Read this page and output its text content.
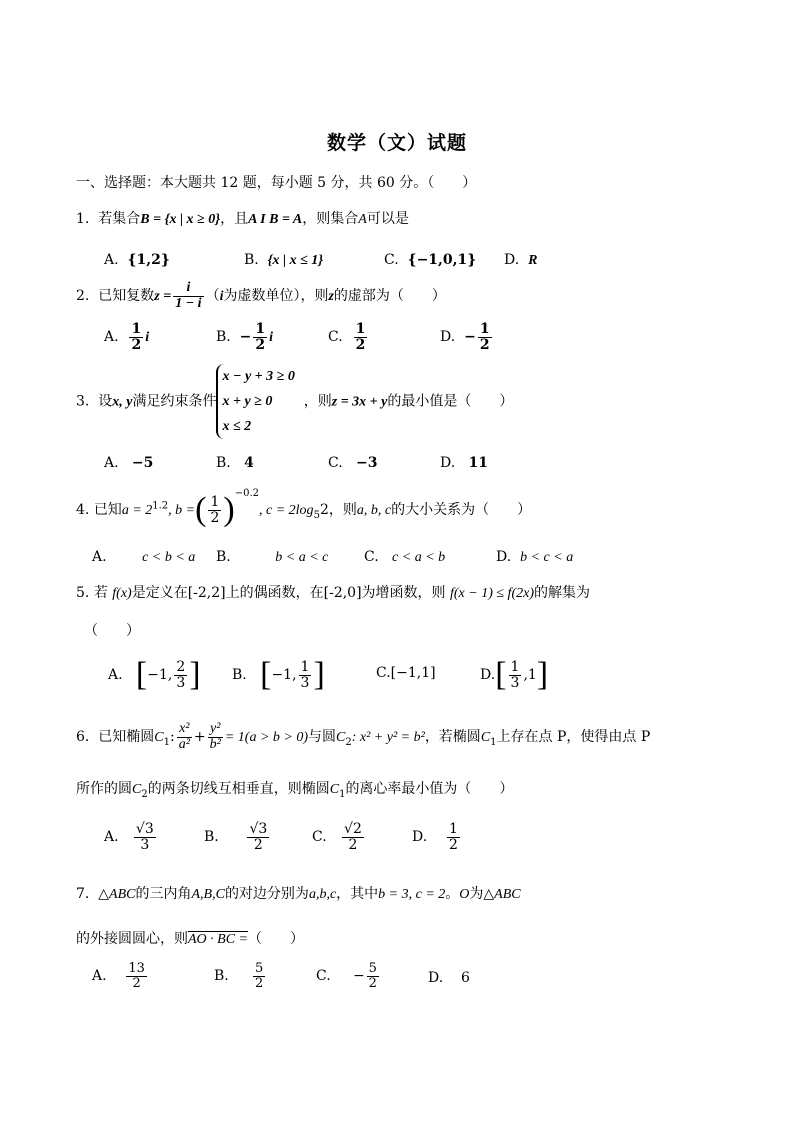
数学（文）试题
一、选择题：本大题共 12 题，每小题 5 分，共 60 分。（　　）
1. 若集合B = {x | x ≥ 0}，且A I B = A，则集合A可以是
A. {1,2}	B. {x | x ≤ 1}	C. {−1,0,1} D. R
2. 已知复数$z = \frac{i}{1 - i} (i$为虚数单位），则z的虚部为（　　）
A. $\frac{1}{2}$ i	B. − $\frac{1}{2}$ i	C. $\frac{1}{2}$	D. − $\frac{1}{2}$
3. 设x, y满足约束条件
x − y + 3 ≥ 0
x + y ≥ 0
x ≤ 2
，则z = 3x + y的最小值是（　　）
A. −5	B. 4	C. −3	D. 11
4. 已知$a = 2^{1.2}$, b =( $\frac{1}{2} )^{-0.2}$, $c = 2\log_52$，则a, b, c的大小关系为（　　）
A.	c < b < a B.	b < a < c	C. c < a < b	D. b < c < a
5. 若 f(x)是定义在[-2,2]上的偶函数，在[-2,0]为增函数，则 f(x − 1) ≤ f(2x)的解集为
（　　）
A. [−1, $\frac{2}{3}$ ] B. [−1, $\frac{1}{3}$ ]	C.[−1,1]	$D.[ \frac{1}{3} ,1]$
6. 已知椭圆$C_1$: $\frac{\text{x²}}{\text{a²}} + \frac{\text{y²}}{\text{b²}} = 1(a > b > 0)$与圆$C_2$: x² + y² = b²，若椭圆$C_1$上存在点 P，使得由点 P
所作的圆$C_2$的两条切线互相垂直，则椭圆$C_1$的离心率最小值为（　　）
A. $\frac{√3}{3}$	B. $\frac{√3}{2}$	C. $\frac{√2}{2}$	D. $\frac{1}{2}$
7. △ABC的三内角A,B,C的对边分别为a,b,c，其中b = 3, c = 2。O为△ABC
的外接圆圆心，则AO · BC =（　　）
A. $\frac{13}{2}$	B. $\frac{5}{2}$	C. − $\frac{5}{2}$	D. 6
